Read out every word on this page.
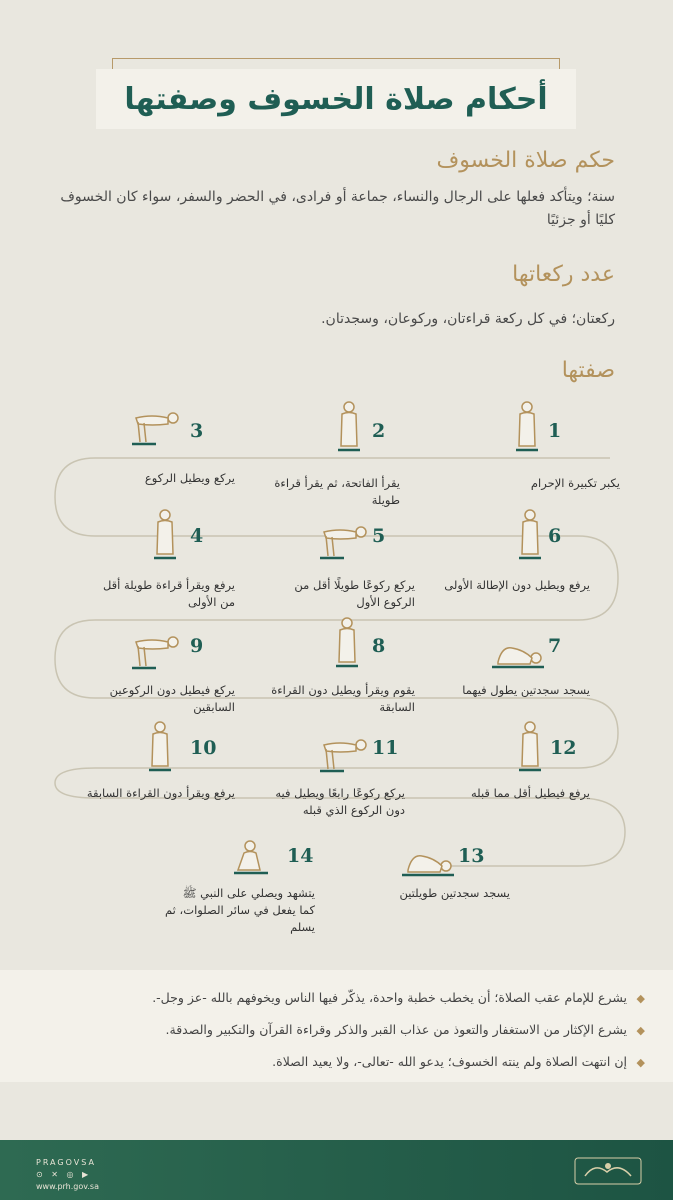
أحكام صلاة الخسوف وصفتها
حكم صلاة الخسوف
سنة؛ ويتأكد فعلها على الرجال والنساء، جماعة أو فرادى، في الحضر والسفر، سواء كان الخسوف كليًا أو جزئيًا
عدد ركعاتها
ركعتان؛ في كل ركعة قراءتان، وركوعان، وسجدتان.
صفتها
1
يكبر تكبيرة الإحرام
2
يقرأ الفاتحة، ثم يقرأ قراءة طويلة
3
يركع ويطيل الركوع
4
يرفع ويقرأ قراءة طويلة أقل من الأولى
5
يركع ركوعًا طويلًا أقل من الركوع الأول
6
يرفع ويطيل دون الإطالة الأولى
7
يسجد سجدتين يطول فيهما
8
يقوم ويقرأ ويطيل دون القراءة السابقة
9
يركع فيطيل دون الركوعين السابقين
10
يرفع ويقرأ دون القراءة السابقة
11
يركع ركوعًا رابعًا ويطيل فيه دون الركوع الذي قبله
12
يرفع فيطيل أقل مما قبله
13
يسجد سجدتين طويلتين
14
يتشهد ويصلي على النبي ﷺ كما يفعل في سائر الصلوات، ثم يسلم
◆
يشرع للإمام عقب الصلاة؛ أن يخطب خطبة واحدة، يذكّر فيها الناس ويخوفهم بالله -عز وجل-.
◆
يشرع الإكثار من الاستغفار والتعوذ من عذاب القبر والذكر وقراءة القرآن والتكبير والصدقة.
◆
إن انتهت الصلاة ولم ينته الخسوف؛ يدعو الله -تعالى-، ولا يعيد الصلاة.
PRAGOVSA
⊙ ✕ ◎ ▶
www.prh.gov.sa
